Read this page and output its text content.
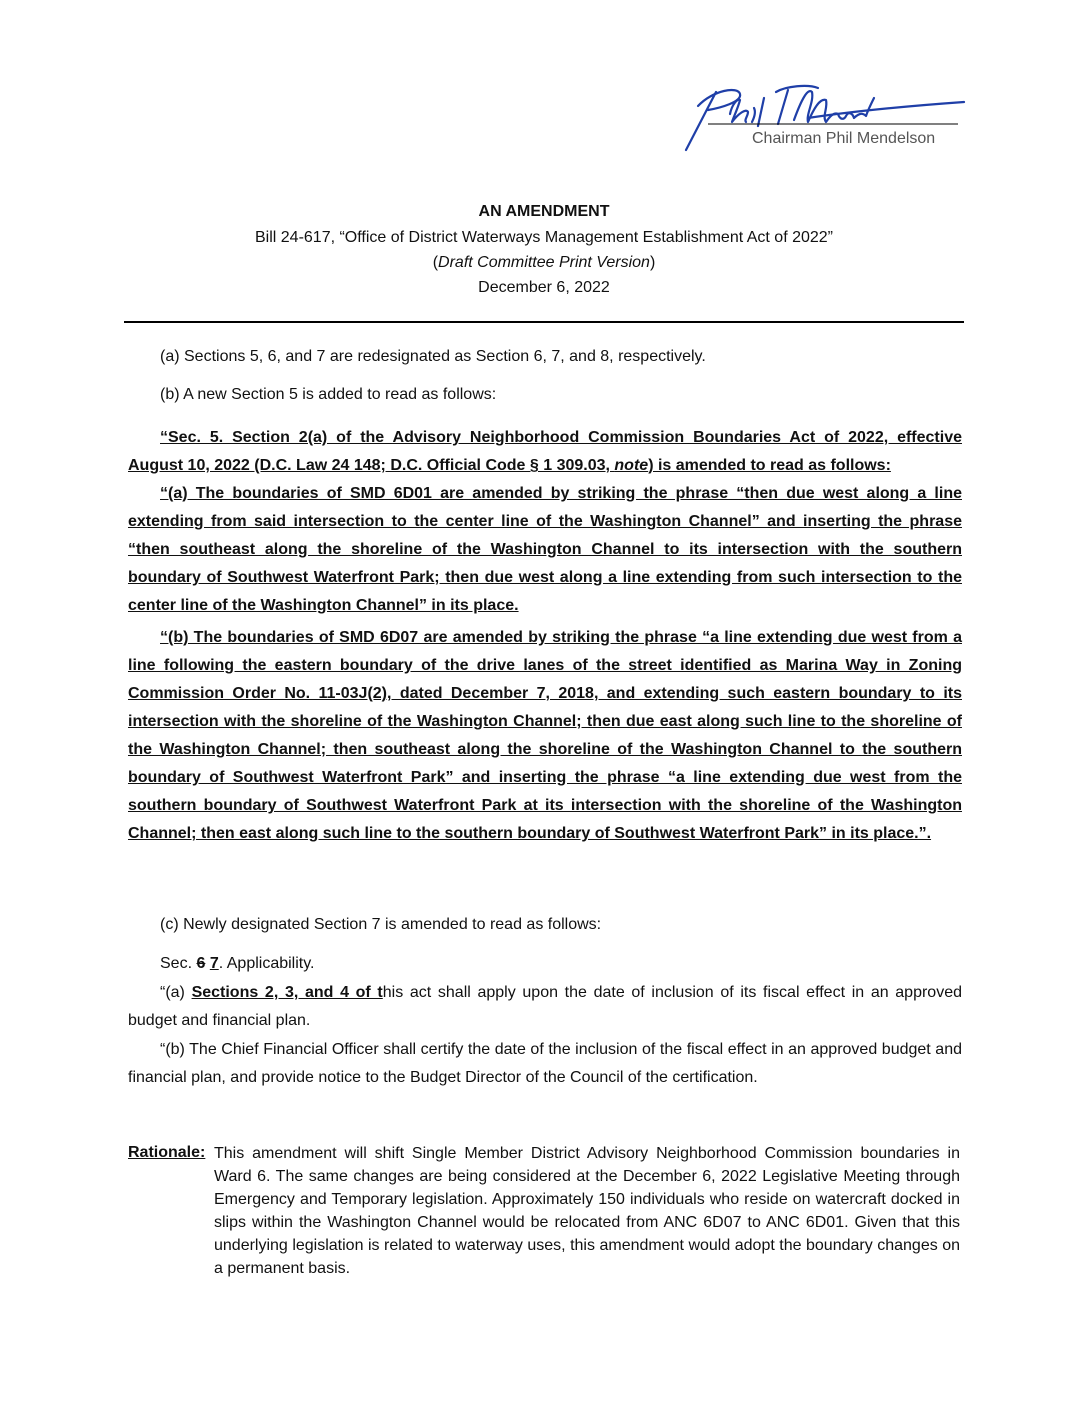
Chairman Phil Mendelson
AN AMENDMENT
Bill 24-617, “Office of District Waterways Management Establishment Act of 2022”
(Draft Committee Print Version)
December 6, 2022
(a) Sections 5, 6, and 7 are redesignated as Section 6, 7, and 8, respectively.
(b) A new Section 5 is added to read as follows:
“Sec. 5. Section 2(a) of the Advisory Neighborhood Commission Boundaries Act of 2022, effective August 10, 2022 (D.C. Law 24 148; D.C. Official Code § 1 309.03, note) is amended to read as follows:
“(a) The boundaries of SMD 6D01 are amended by striking the phrase “then due west along a line extending from said intersection to the center line of the Washington Channel” and inserting the phrase “then southeast along the shoreline of the Washington Channel to its intersection with the southern boundary of Southwest Waterfront Park; then due west along a line extending from such intersection to the center line of the Washington Channel” in its place.
“(b) The boundaries of SMD 6D07 are amended by striking the phrase “a line extending due west from a line following the eastern boundary of the drive lanes of the street identified as Marina Way in Zoning Commission Order No. 11-03J(2), dated December 7, 2018, and extending such eastern boundary to its intersection with the shoreline of the Washington Channel; then due east along such line to the shoreline of the Washington Channel; then southeast along the shoreline of the Washington Channel to the southern boundary of Southwest Waterfront Park” and inserting the phrase “a line extending due west from the southern boundary of Southwest Waterfront Park at its intersection with the shoreline of the Washington Channel; then east along such line to the southern boundary of Southwest Waterfront Park” in its place.”.
(c) Newly designated Section 7 is amended to read as follows:
Sec. 6 7. Applicability.
“(a) Sections 2, 3, and 4 of this act shall apply upon the date of inclusion of its fiscal effect in an approved budget and financial plan.
“(b) The Chief Financial Officer shall certify the date of the inclusion of the fiscal effect in an approved budget and financial plan, and provide notice to the Budget Director of the Council of the certification.
Rationale: This amendment will shift Single Member District Advisory Neighborhood Commission boundaries in Ward 6. The same changes are being considered at the December 6, 2022 Legislative Meeting through Emergency and Temporary legislation. Approximately 150 individuals who reside on watercraft docked in slips within the Washington Channel would be relocated from ANC 6D07 to ANC 6D01. Given that this underlying legislation is related to waterway uses, this amendment would adopt the boundary changes on a permanent basis.
